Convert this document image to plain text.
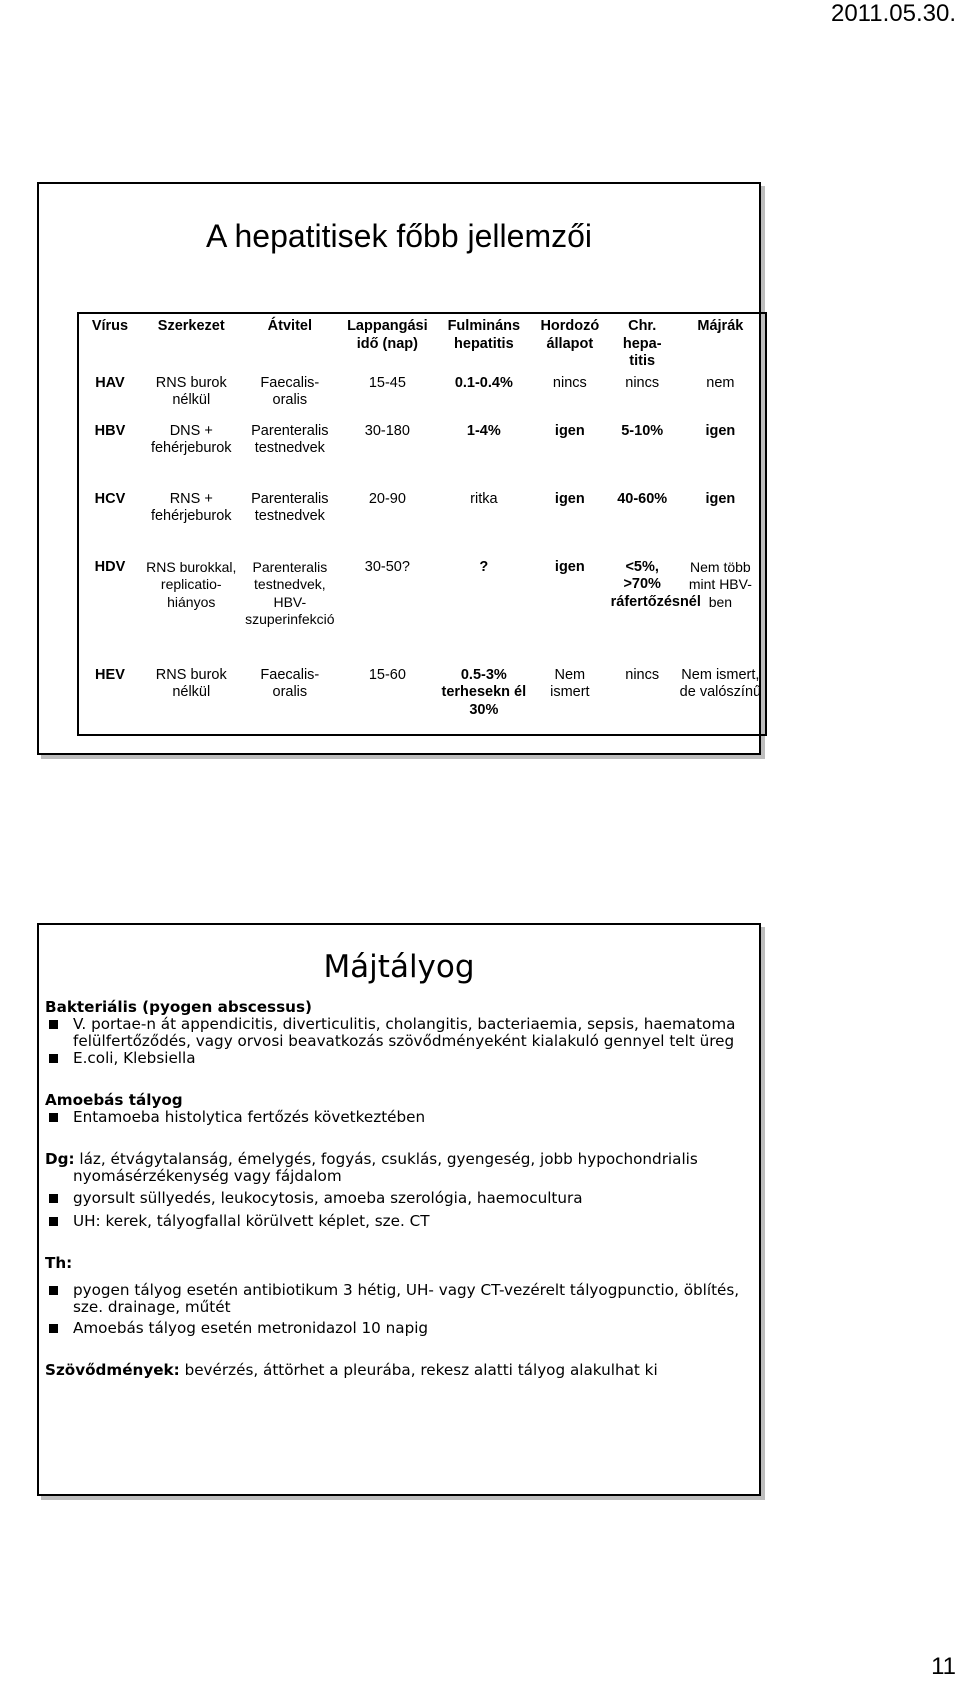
2011.05.30.
A hepatitisek főbb jellemzői
Vírus	Szerkezet	Átvitel	Lappangási idő (nap)	Fulmináns hepatitis	Hordozó állapot	Chr. hepa-titis	Májrák
HAV	RNS burok nélkül	Faecalis-oralis	15-45	0.1-0.4%	nincs	nincs	nem
HBV	DNS + fehérjeburok	Parenteralis testnedvek	30-180	1-4%	igen	5-10%	igen
HCV	RNS + fehérjeburok	Parenteralis testnedvek	20-90	ritka	igen	40-60%	igen
HDV	RNS burokkal, replicatio-hiányos	Parenteralis testnedvek, HBV-szuperinfekció	30-50?	?	igen	<5%, >70% ráfertőzésnél	Nem több mint HBV-ben
HEV	RNS burok nélkül	Faecalis-oralis	15-60	0.5-3% terhesekn él 30%	Nem ismert	nincs	Nem ismert, de valószínű
Májtályog

Bakteriális (pyogen abscessus)

V. portae-n át appendicitis, diverticulitis, cholangitis, bacteriaemia, sepsis, haematoma felülfertőződés, vagy orvosi beavatkozás szövődményeként kialakuló gennyel telt üreg
E.coli, Klebsiella

Amoebás tályog

Entamoeba histolytica fertőzés következtében

Dg: láz, étvágytalanság, émelygés, fogyás, csuklás, gyengeség, jobb hypochondrialis nyomásérzékenység vagy fájdalom

gyorsult süllyedés, leukocytosis, amoeba szerológia, haemocultura
UH: kerek, tályogfallal körülvett képlet, sze. CT

Th:

pyogen tályog esetén antibiotikum 3 hétig, UH- vagy CT-vezérelt tályogpunctio, öblítés, sze. drainage, műtét
Amoebás tályog esetén metronidazol 10 napig

Szövődmények: bevérzés, áttörhet a pleurába, rekesz alatti tályog alakulhat ki

11
